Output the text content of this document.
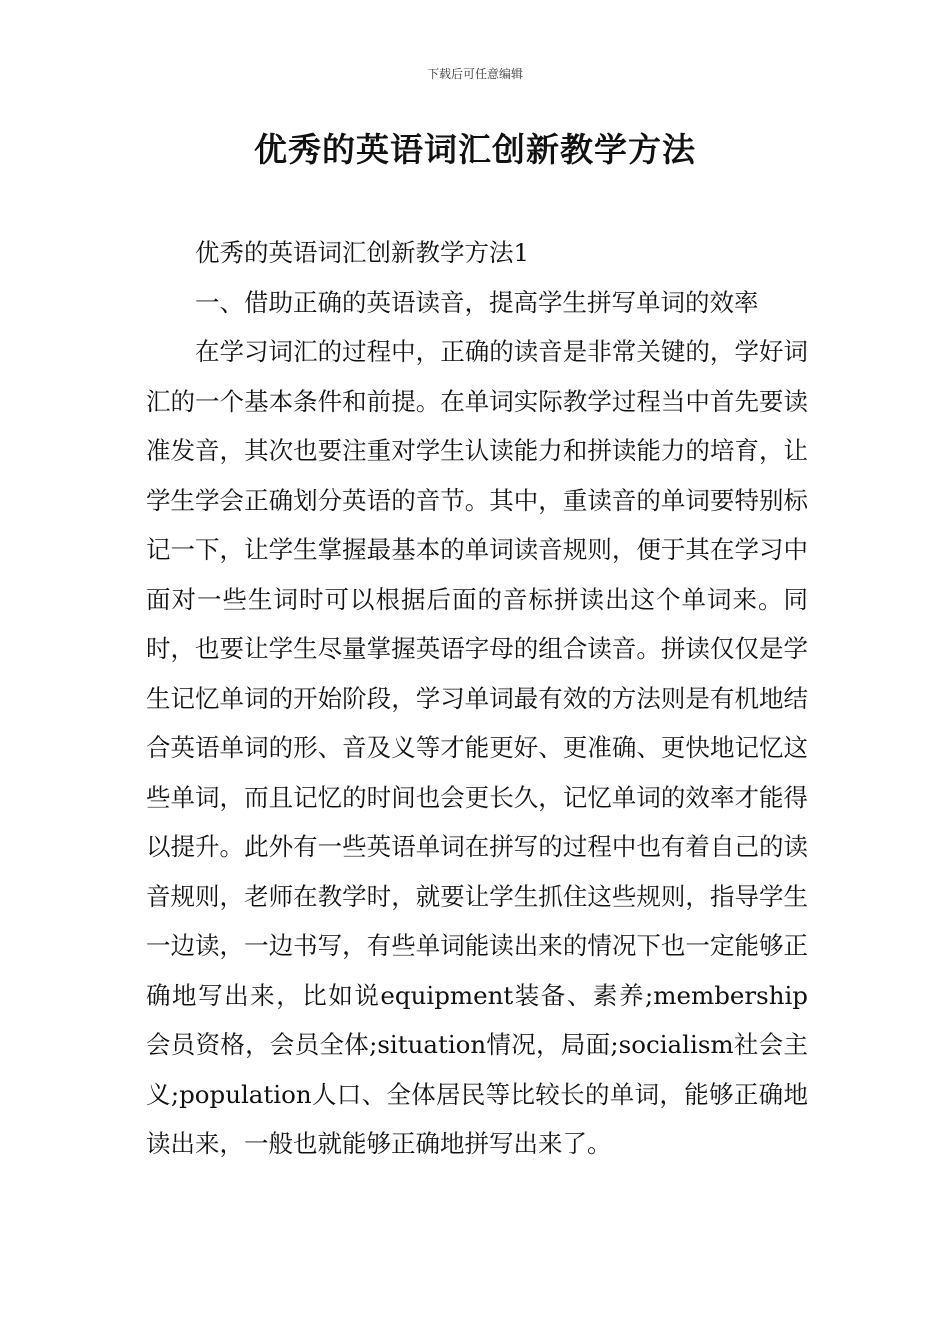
下载后可任意编辑
优秀的英语词汇创新教学方法

优秀的英语词汇创新教学方法1

一、借助正确的英语读音，提高学生拼写单词的效率

在学习词汇的过程中，正确的读音是非常关键的，学好词汇的一个基本条件和前提。在单词实际教学过程当中首先要读准发音，其次也要注重对学生认读能力和拼读能力的培育，让学生学会正确划分英语的音节。其中，重读音的单词要特别标记一下，让学生掌握最基本的单词读音规则，便于其在学习中面对一些生词时可以根据后面的音标拼读出这个单词来。同时，也要让学生尽量掌握英语字母的组合读音。拼读仅仅是学生记忆单词的开始阶段，学习单词最有效的方法则是有机地结合英语单词的形、音及义等才能更好、更准确、更快地记忆这些单词，而且记忆的时间也会更长久，记忆单词的效率才能得以提升。此外有一些英语单词在拼写的过程中也有着自己的读音规则，老师在教学时，就要让学生抓住这些规则，指导学生一边读，一边书写，有些单词能读出来的情况下也一定能够正确地写出来，比如说equipment装备、素养;membership会员资格，会员全体;situation情况，局面;socialism社会主义;population人口、全体居民等比较长的单词，能够正确地读出来，一般也就能够正确地拼写出来了。
